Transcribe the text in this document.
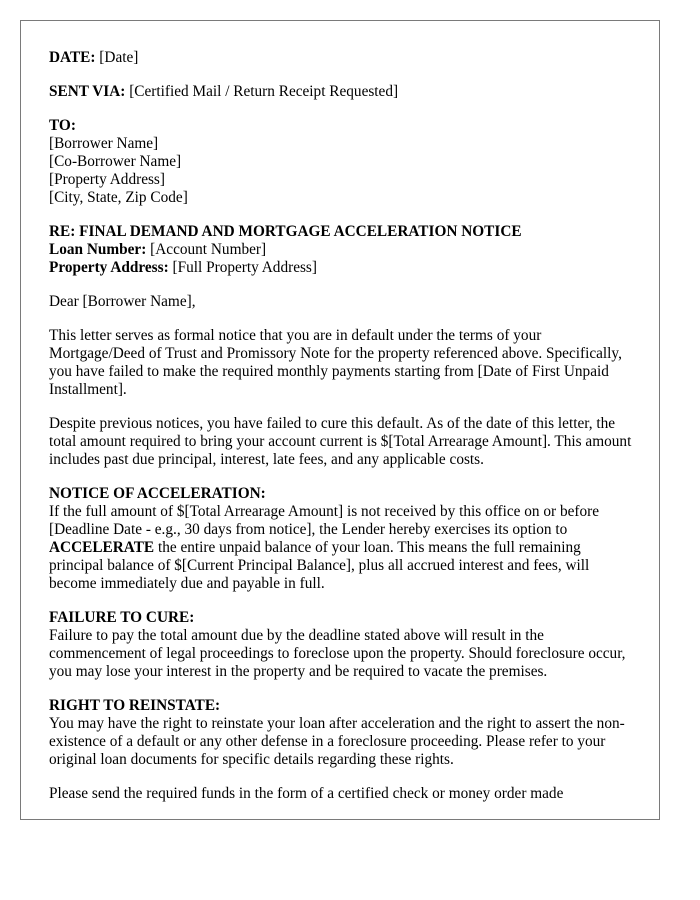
DATE: [Date]
SENT VIA: [Certified Mail / Return Receipt Requested]
TO:
[Borrower Name]
[Co-Borrower Name]
[Property Address]
[City, State, Zip Code]
RE: FINAL DEMAND AND MORTGAGE ACCELERATION NOTICE
Loan Number: [Account Number]
Property Address: [Full Property Address]

Dear [Borrower Name],

This letter serves as formal notice that you are in default under the terms of your Mortgage/Deed of Trust and Promissory Note for the property referenced above. Specifically, you have failed to make the required monthly payments starting from [Date of First Unpaid Installment].

Despite previous notices, you have failed to cure this default. As of the date of this letter, the total amount required to bring your account current is $[Total Arrearage Amount]. This amount includes past due principal, interest, late fees, and any applicable costs.

NOTICE OF ACCELERATION:

If the full amount of $[Total Arrearage Amount] is not received by this office on or before [Deadline Date - e.g., 30 days from notice], the Lender hereby exercises its option to ACCELERATE the entire unpaid balance of your loan. This means the full remaining principal balance of $[Current Principal Balance], plus all accrued interest and fees, will become immediately due and payable in full.

FAILURE TO CURE:

Failure to pay the total amount due by the deadline stated above will result in the commencement of legal proceedings to foreclose upon the property. Should foreclosure occur, you may lose your interest in the property and be required to vacate the premises.

RIGHT TO REINSTATE:

You may have the right to reinstate your loan after acceleration and the right to assert the non-existence of a default or any other defense in a foreclosure proceeding. Please refer to your original loan documents for specific details regarding these rights.

Please send the required funds in the form of a certified check or money order made
